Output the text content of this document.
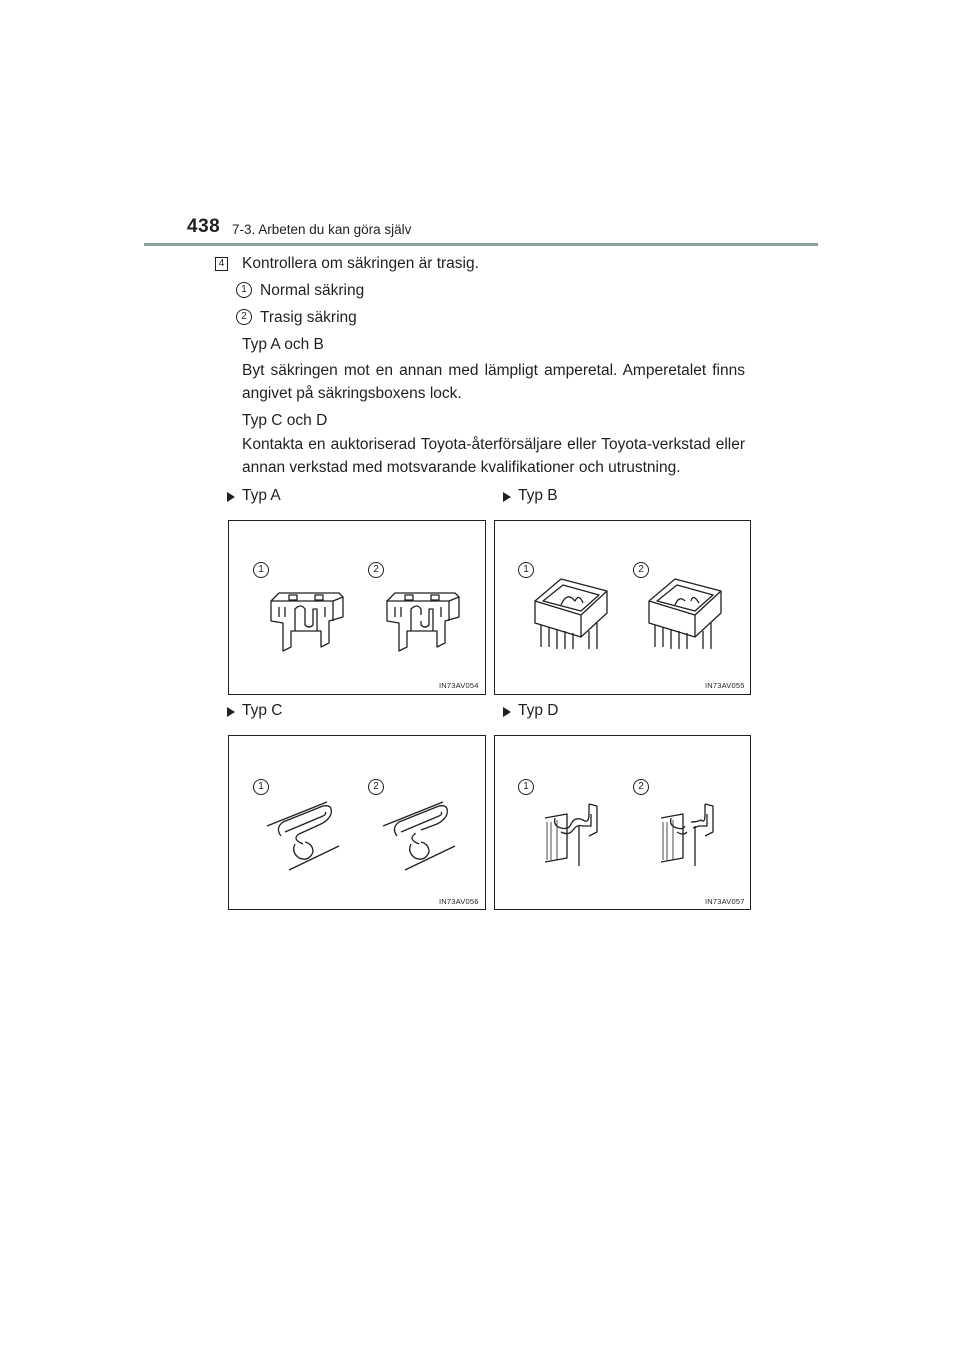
438 7-3. Arbeten du kan göra själv
4 Kontrollera om säkringen är trasig.
1 Normal säkring
2 Trasig säkring
Typ A och B
Byt säkringen mot en annan med lämpligt amperetal. Amperetalet finns angivet på säkringsboxens lock.
Typ C och D
Kontakta en auktoriserad Toyota-återförsäljare eller Toyota-verkstad eller annan verkstad med motsvarande kvalifikationer och utrustning.
Typ A	Typ B
Typ C	Typ D
1	2
IN73AV054
1	2
IN73AV055
1	2
IN73AV056
1	2
IN73AV057
